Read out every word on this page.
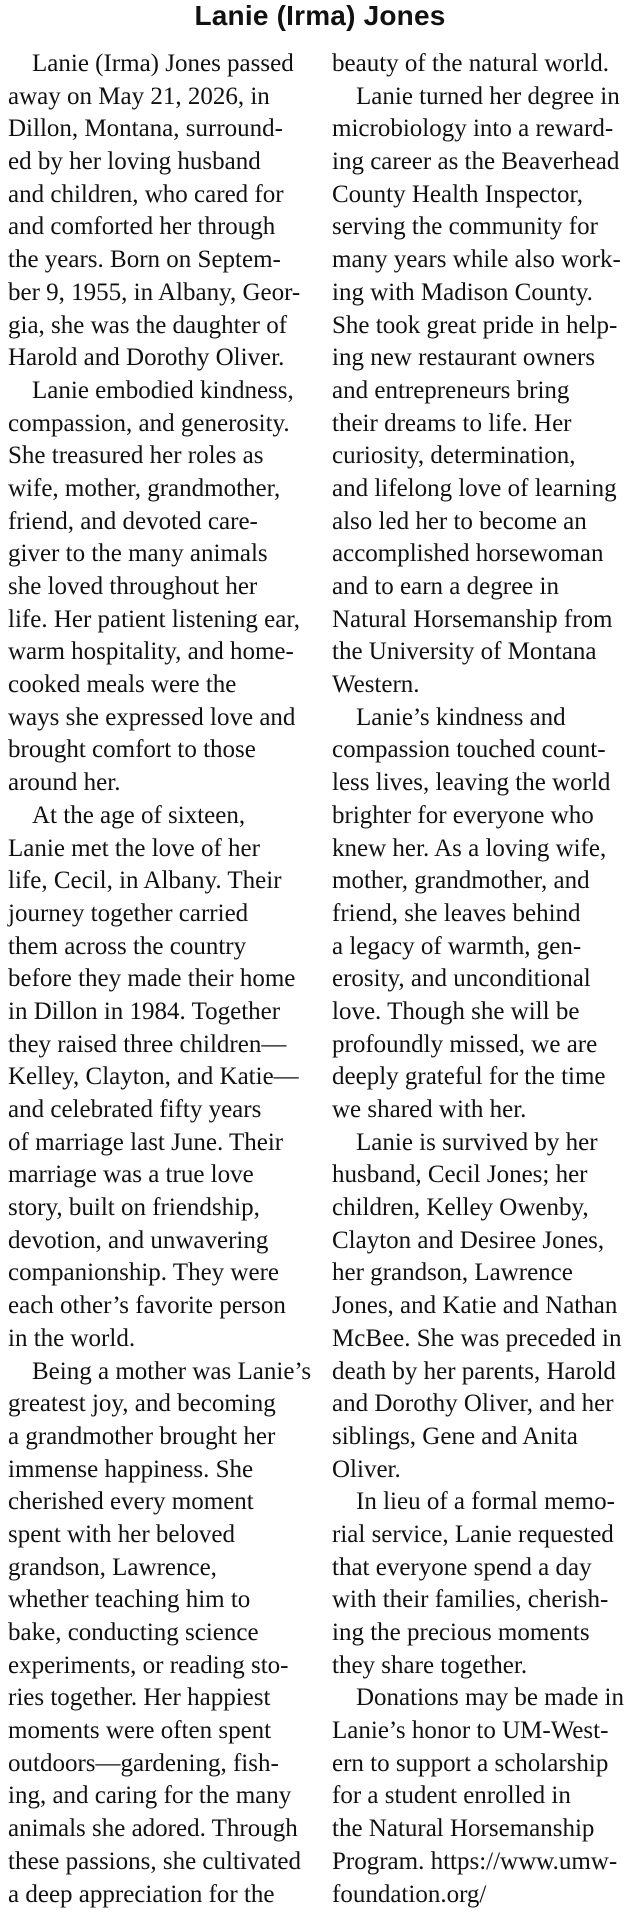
Lanie (Irma) Jones
Lanie (Irma) Jones passed
away on May 21, 2026, in
Dillon, Montana, surround-
ed by her loving husband
and children, who cared for
and comforted her through
the years. Born on Septem-
ber 9, 1955, in Albany, Geor-
gia, she was the daughter of
Harold and Dorothy Oliver.
Lanie embodied kindness,
compassion, and generosity.
She treasured her roles as
wife, mother, grandmother,
friend, and devoted care-
giver to the many animals
she loved throughout her
life. Her patient listening ear,
warm hospitality, and home-
cooked meals were the
ways she expressed love and
brought comfort to those
around her.
At the age of sixteen,
Lanie met the love of her
life, Cecil, in Albany. Their
journey together carried
them across the country
before they made their home
in Dillon in 1984. Together
they raised three children—
Kelley, Clayton, and Katie—
and celebrated fifty years
of marriage last June. Their
marriage was a true love
story, built on friendship,
devotion, and unwavering
companionship. They were
each other’s favorite person
in the world.
Being a mother was Lanie’s
greatest joy, and becoming
a grandmother brought her
immense happiness. She
cherished every moment
spent with her beloved
grandson, Lawrence,
whether teaching him to
bake, conducting science
experiments, or reading sto-
ries together. Her happiest
moments were often spent
outdoors—gardening, fish-
ing, and caring for the many
animals she adored. Through
these passions, she cultivated
a deep appreciation for the
beauty of the natural world.
Lanie turned her degree in
microbiology into a reward-
ing career as the Beaverhead
County Health Inspector,
serving the community for
many years while also work-
ing with Madison County.
She took great pride in help-
ing new restaurant owners
and entrepreneurs bring
their dreams to life. Her
curiosity, determination,
and lifelong love of learning
also led her to become an
accomplished horsewoman
and to earn a degree in
Natural Horsemanship from
the University of Montana
Western.
Lanie’s kindness and
compassion touched count-
less lives, leaving the world
brighter for everyone who
knew her. As a loving wife,
mother, grandmother, and
friend, she leaves behind
a legacy of warmth, gen-
erosity, and unconditional
love. Though she will be
profoundly missed, we are
deeply grateful for the time
we shared with her.
Lanie is survived by her
husband, Cecil Jones; her
children, Kelley Owenby,
Clayton and Desiree Jones,
her grandson, Lawrence
Jones, and Katie and Nathan
McBee. She was preceded in
death by her parents, Harold
and Dorothy Oliver, and her
siblings, Gene and Anita
Oliver.
In lieu of a formal memo-
rial service, Lanie requested
that everyone spend a day
with their families, cherish-
ing the precious moments
they share together.
Donations may be made in
Lanie’s honor to UM-West-
ern to support a scholarship
for a student enrolled in
the Natural Horsemanship
Program. https://www.umw-
foundation.org/
